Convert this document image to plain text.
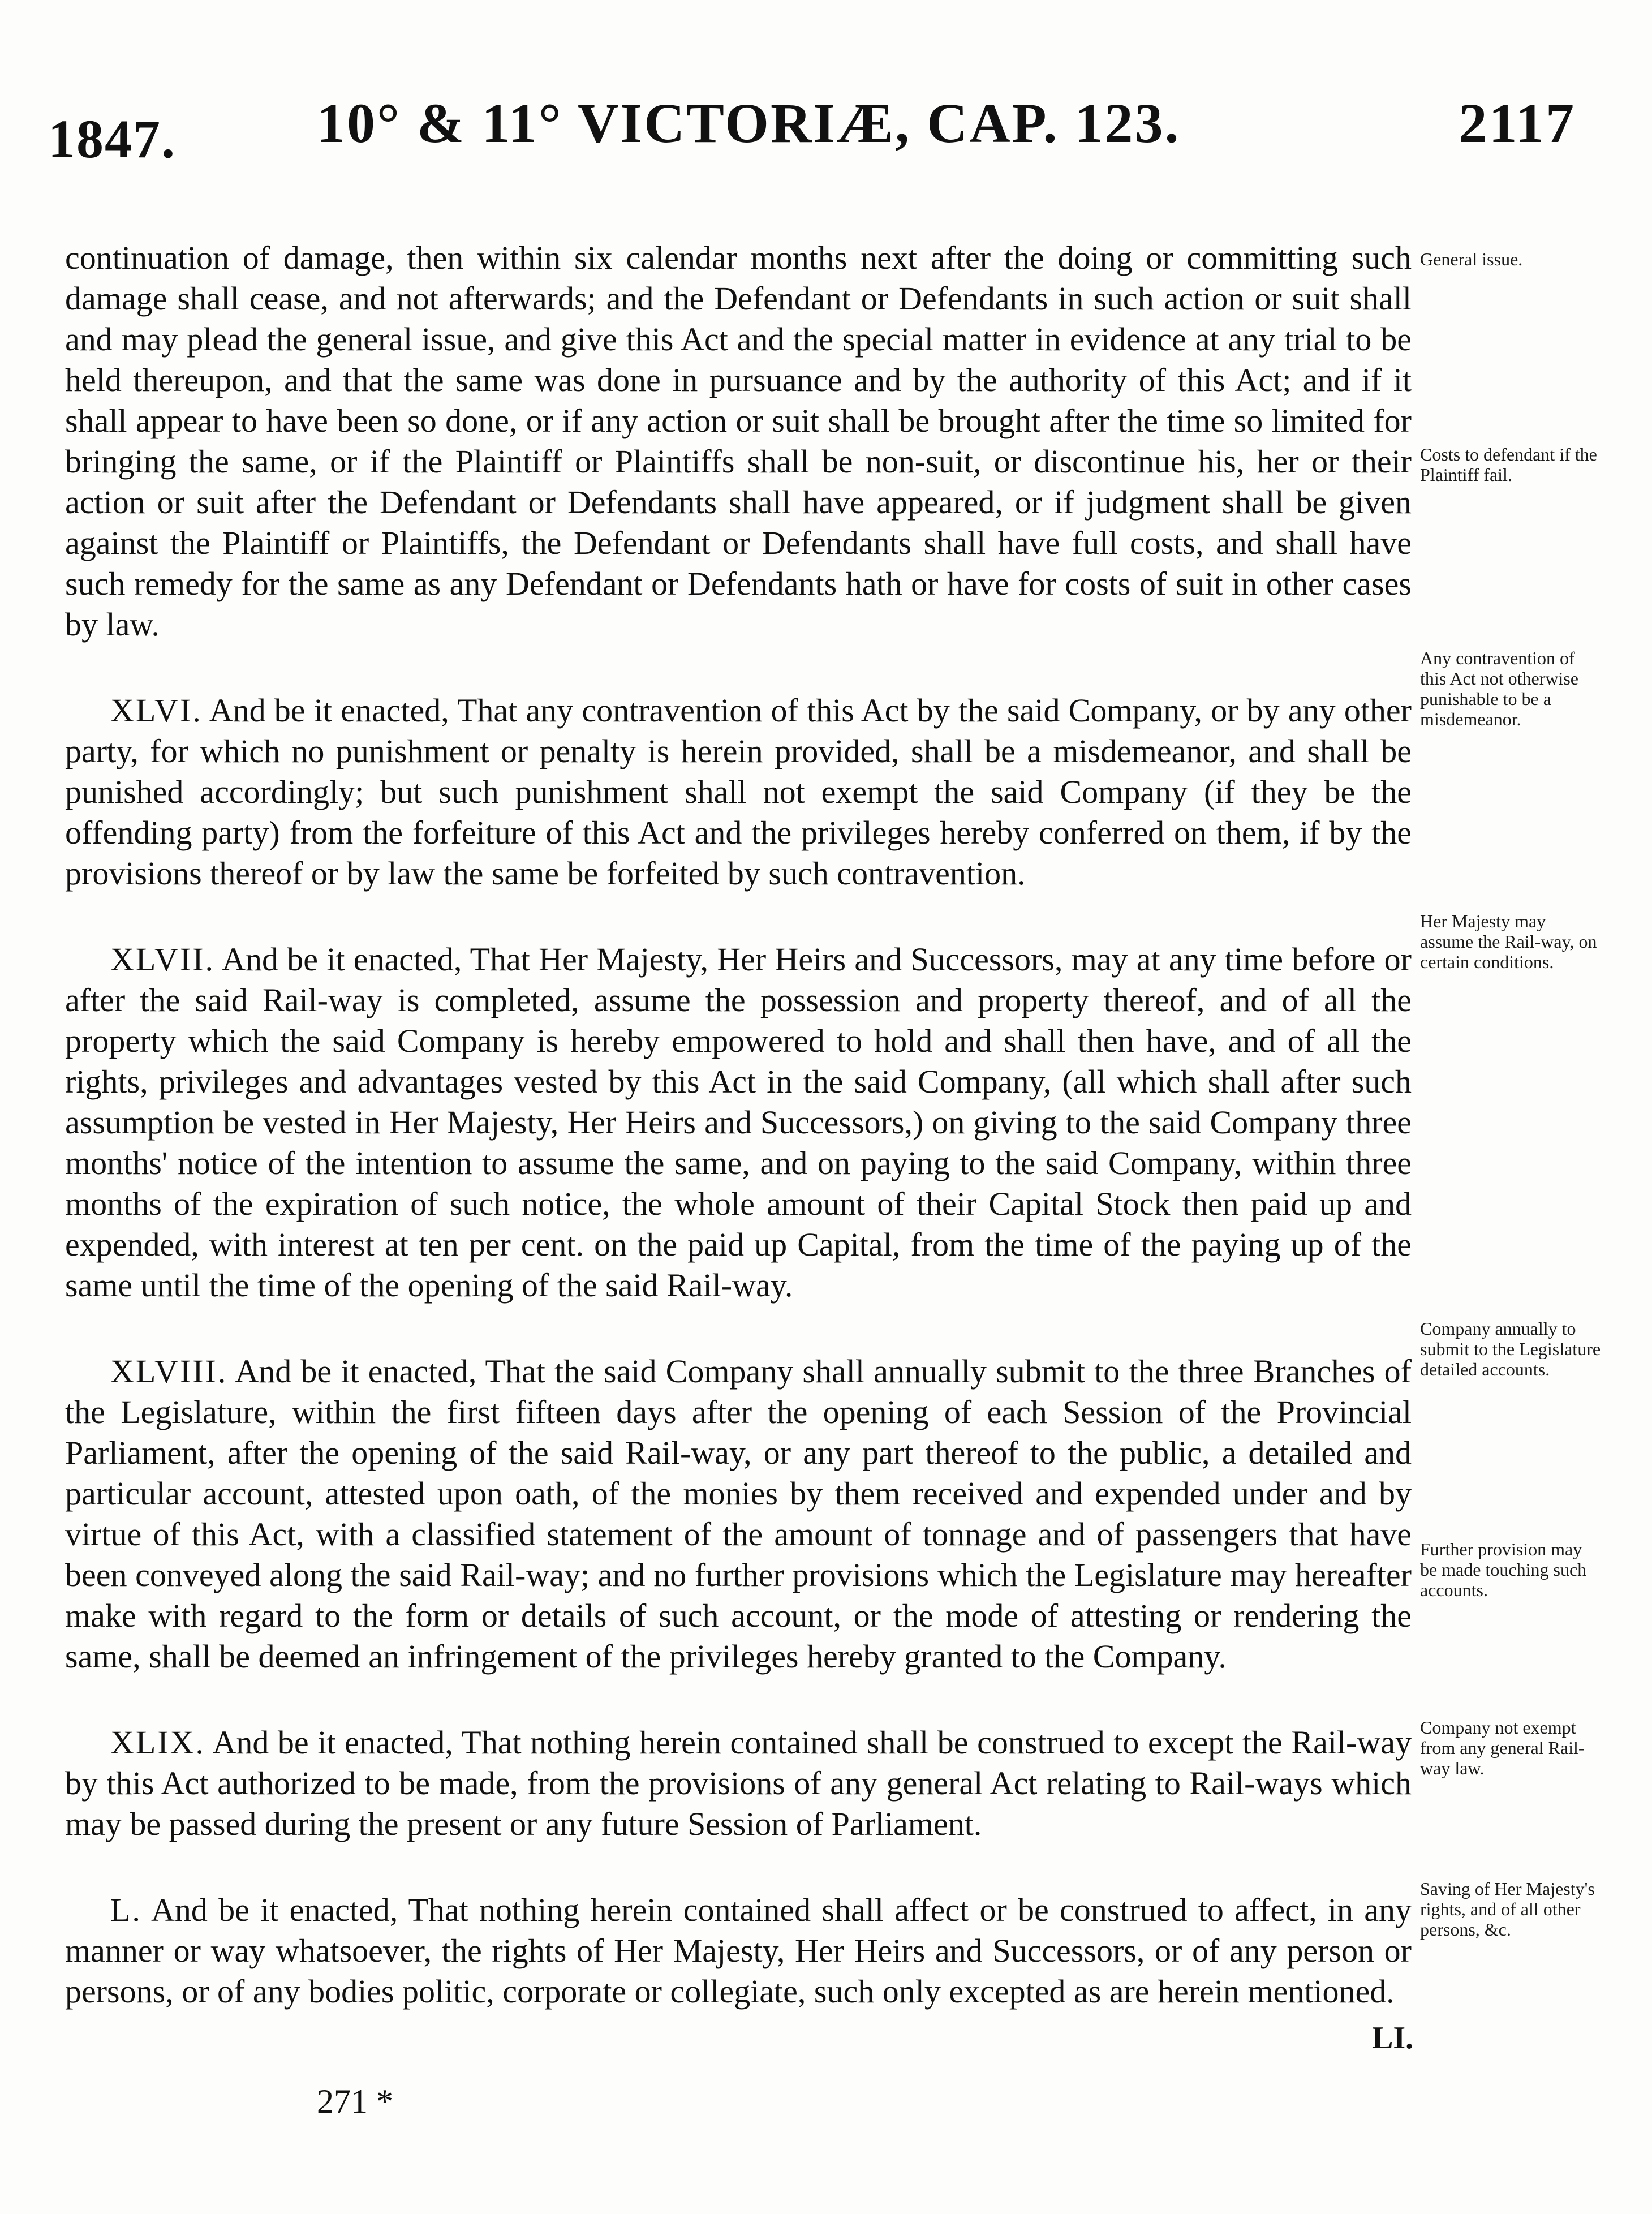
1847. 10° & 11° VICTORIÆ, CAP. 123.	2117

continuation of damage, then within six calendar months next after the doing or committing such damage shall cease, and not afterwards; and the Defendant or Defendants in such action or suit shall and may plead the general issue, and give this Act and the special matter in evidence at any trial to be held thereupon, and that the same was done in pursuance and by the authority of this Act; and if it shall appear to have been so done, or if any action or suit shall be brought after the time so limited for bringing the same, or if the Plaintiff or Plaintiffs shall be non-suit, or discontinue his, her or their action or suit after the Defendant or Defendants shall have appeared, or if judgment shall be given against the Plaintiff or Plaintiffs, the Defendant or Defendants shall have full costs, and shall have such remedy for the same as any Defendant or Defendants hath or have for costs of suit in other cases by law.

XLVI. And be it enacted, That any contravention of this Act by the said Company, or by any other party, for which no punishment or penalty is herein provided, shall be a misdemeanor, and shall be punished accordingly; but such punishment shall not exempt the said Company (if they be the offending party) from the forfeiture of this Act and the privileges hereby conferred on them, if by the provisions thereof or by law the same be forfeited by such contravention.

XLVII. And be it enacted, That Her Majesty, Her Heirs and Successors, may at any time before or after the said Rail-way is completed, assume the possession and property thereof, and of all the property which the said Company is hereby empowered to hold and shall then have, and of all the rights, privileges and advantages vested by this Act in the said Company, (all which shall after such assumption be vested in Her Majesty, Her Heirs and Successors,) on giving to the said Company three months' notice of the intention to assume the same, and on paying to the said Company, within three months of the expiration of such notice, the whole amount of their Capital Stock then paid up and expended, with interest at ten per cent. on the paid up Capital, from the time of the paying up of the same until the time of the opening of the said Rail-way.

XLVIII. And be it enacted, That the said Company shall annually submit to the three Branches of the Legislature, within the first fifteen days after the opening of each Session of the Provincial Parliament, after the opening of the said Rail-way, or any part thereof to the public, a detailed and particular account, attested upon oath, of the monies by them received and expended under and by virtue of this Act, with a classified statement of the amount of tonnage and of passengers that have been conveyed along the said Rail-way; and no further provisions which the Legislature may hereafter make with regard to the form or details of such account, or the mode of attesting or rendering the same, shall be deemed an infringement of the privileges hereby granted to the Company.

XLIX. And be it enacted, That nothing herein contained shall be construed to except the Rail-way by this Act authorized to be made, from the provisions of any general Act relating to Rail-ways which may be passed during the present or any future Session of Parliament.

L. And be it enacted, That nothing herein contained shall affect or be construed to affect, in any manner or way whatsoever, the rights of Her Majesty, Her Heirs and Successors, or of any person or persons, or of any bodies politic, corporate or collegiate, such only excepted as are herein mentioned.

General issue.
Costs to defendant if the Plaintiff fail.
Any contravention of this Act not otherwise punishable to be a misdemeanor.
Her Majesty may assume the Rail-way, on certain conditions.
Company annually to submit to the Legislature detailed accounts.
Further provision may be made touching such accounts.
Company not exempt from any general Rail-way law.
Saving of Her Majesty's rights, and of all other persons, &c.
LI.
271 *
